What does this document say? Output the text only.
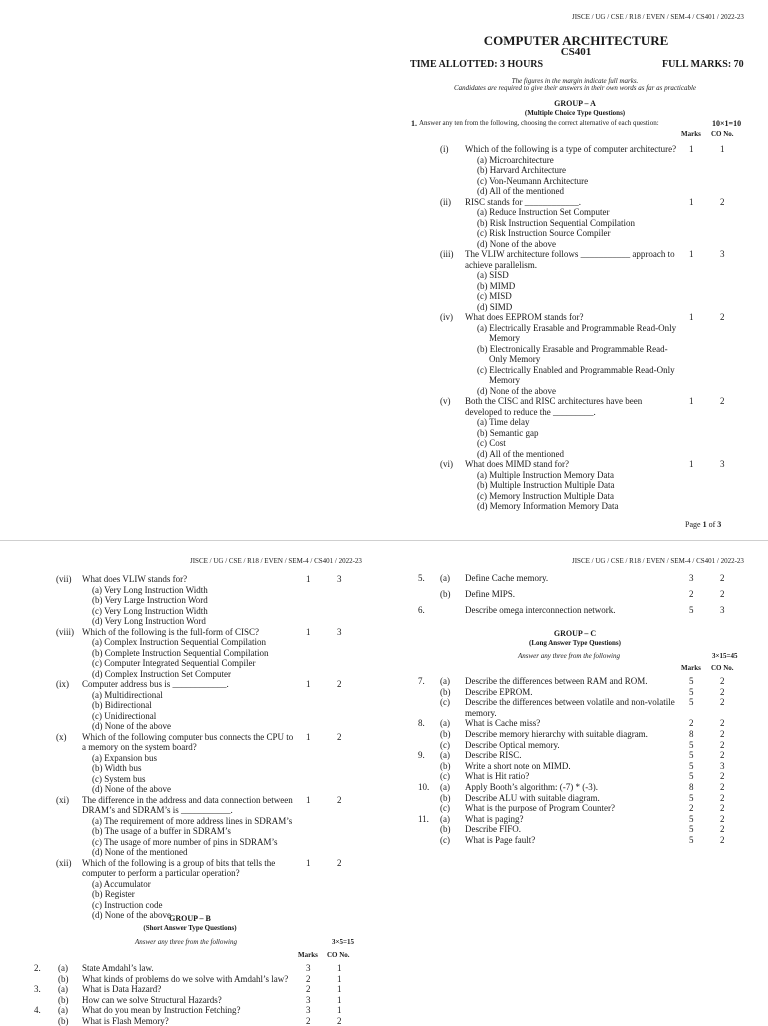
JISCE / UG / CSE / R18 / EVEN / SEM-4 / CS401 / 2022-23
COMPUTER ARCHITECTURE
CS401
TIME ALLOTTED: 3 HOURS	FULL MARKS: 70
The figures in the margin indicate full marks.
Candidates are required to give their answers in their own words as far as practicable
GROUP – A
(Multiple Choice Type Questions)
1. Answer any ten from the following, choosing the correct alternative of each question:	10×1=10
Marks CO No.
(i) Which of the following is a type of computer architecture? 1	1
(a) Microarchitecture
(b) Harvard Architecture
(c) Von-Neumann Architecture
(d) All of the mentioned
(ii) RISC stands for ____________.	1	2
(a) Reduce Instruction Set Computer
(b) Risk Instruction Sequential Compilation
(c) Risk Instruction Source Compiler
(d) None of the above
(iii) The VLIW architecture follows ___________ approach to 1	3
achieve parallelism.
(a) SISD
(b) MIMD
(c) MISD
(d) SIMD
(iv) What does EEPROM stands for?	1	2
(a) Electrically Erasable and Programmable Read-Only
Memory
(b) Electronically Erasable and Programmable Read-
Only Memory
(c) Electrically Enabled and Programmable Read-Only
Memory
(d) None of the above
(v) Both the CISC and RISC architectures have been	1	2
developed to reduce the _________.
(a) Time delay
(b) Semantic gap
(c) Cost
(d) All of the mentioned
(vi) What does MIMD stand for?	1	3
(a) Multiple Instruction Memory Data
(b) Multiple Instruction Multiple Data
(c) Memory Instruction Multiple Data
(d) Memory Information Memory Data
Page 1 of 3
JISCE / UG / CSE / R18 / EVEN / SEM-4 / CS401 / 2022-23
(vii) What does VLIW stands for?	1	3
(a) Very Long Instruction Width
(b) Very Large Instruction Word
(c) Very Long Instruction Width
(d) Very Long Instruction Word
(viii) Which of the following is the full-form of CISC?	1	3
(a) Complex Instruction Sequential Compilation
(b) Complete Instruction Sequential Compilation
(c) Computer Integrated Sequential Compiler
(d) Complex Instruction Set Computer
(ix) Computer address bus is ____________.	1	2
(a) Multidirectional
(b) Bidirectional
(c) Unidirectional
(d) None of the above
(x) Which of the following computer bus connects the CPU to 1	2
a memory on the system board?
(a) Expansion bus
(b) Width bus
(c) System bus
(d) None of the above
(xi) The difference in the address and data connection between 1	2
DRAM’s and SDRAM’s is ___________.
(a) The requirement of more address lines in SDRAM’s
(b) The usage of a buffer in SDRAM’s
(c) The usage of more number of pins in SDRAM’s
(d) None of the mentioned
(xii) Which of the following is a group of bits that tells the	1	2
computer to perform a particular operation?
(a) Accumulator
(b) Register
(c) Instruction code
(d) None of the above
GROUP – B
(Short Answer Type Questions)
Answer any three from the following	3×5=15
Marks CO No.
2. (a) State Amdahl’s law.	3	1
(b) What kinds of problems do we solve with Amdahl’s law? 2	1
3. (a) What is Data Hazard?	2	1
(b) How can we solve Structural Hazards?	3	1
4. (a) What do you mean by Instruction Fetching?	3	1
(b) What is Flash Memory?	2	2
JISCE / UG / CSE / R18 / EVEN / SEM-4 / CS401 / 2022-23
5. (a) Define Cache memory.	3	2
(b) Define MIPS.	2	2
6.	Describe omega interconnection network.	5	3
GROUP – C
(Long Answer Type Questions)
Answer any three from the following	3×15=45
Marks CO No.
7. (a) Describe the differences between RAM and ROM.	5	2
(b) Describe EPROM.	5	2
(c) Describe the differences between volatile and non-volatile 5	2
memory.
8. (a) What is Cache miss?	2	2
(b) Describe memory hierarchy with suitable diagram.	8	2
(c) Describe Optical memory.	5	2
9. (a) Describe RISC.	5	2
(b) Write a short note on MIMD.	5	3
(c) What is Hit ratio?	5	2
10. (a) Apply Booth’s algorithm: (-7) * (-3).	8	2
(b) Describe ALU with suitable diagram.	5	2
(c) What is the purpose of Program Counter?	2	2
11. (a) What is paging?	5	2
(b) Describe FIFO.	5	2
(c) What is Page fault?	5	2
